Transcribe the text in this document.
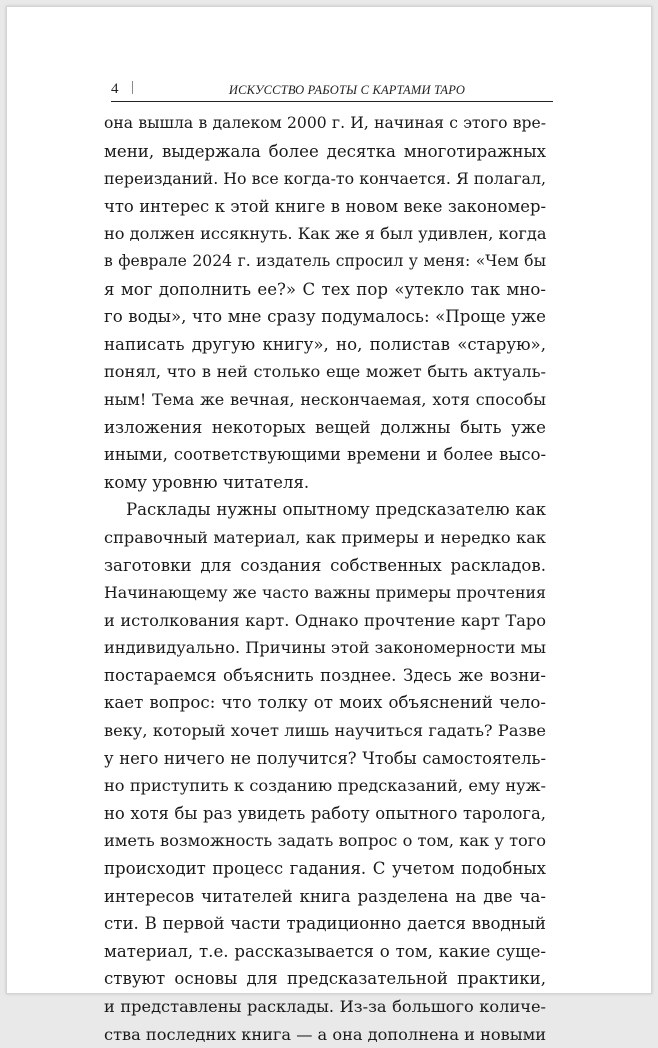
4 |	ИСКУССТВО РАБОТЫ С КАРТАМИ ТАРО
она вышла в далеком 2000 г. И, начиная с этого вре-
мени, выдержала более десятка многотиражных
переизданий. Но все когда-то кончается. Я полагал,
что интерес к этой книге в новом веке закономер-
но должен иссякнуть. Как же я был удивлен, когда
в феврале 2024 г. издатель спросил у меня: «Чем бы
я мог дополнить ее?» С тех пор «утекло так мно-
го воды», что мне сразу подумалось: «Проще уже
написать другую книгу», но, полистав «старую»,
понял, что в ней столько еще может быть актуаль-
ным! Тема же вечная, нескончаемая, хотя способы
изложения некоторых вещей должны быть уже
иными, соответствующими времени и более высо-
кому уровню читателя.
Расклады нужны опытному предсказателю как
справочный материал, как примеры и нередко как
заготовки для создания собственных раскладов.
Начинающему же часто важны примеры прочтения
и истолкования карт. Однако прочтение карт Таро
индивидуально. Причины этой закономерности мы
постараемся объяснить позднее. Здесь же возни-
кает вопрос: что толку от моих объяснений чело-
веку, который хочет лишь научиться гадать? Разве
у него ничего не получится? Чтобы самостоятель-
но приступить к созданию предсказаний, ему нуж-
но хотя бы раз увидеть работу опытного таролога,
иметь возможность задать вопрос о том, как у того
происходит процесс гадания. С учетом подобных
интересов читателей книга разделена на две ча-
сти. В первой части традиционно дается вводный
материал, т.е. рассказывается о том, какие суще-
ствуют основы для предсказательной практики,
и представлены расклады. Из-за большого количе-
ства последних книга — а она дополнена и новыми
